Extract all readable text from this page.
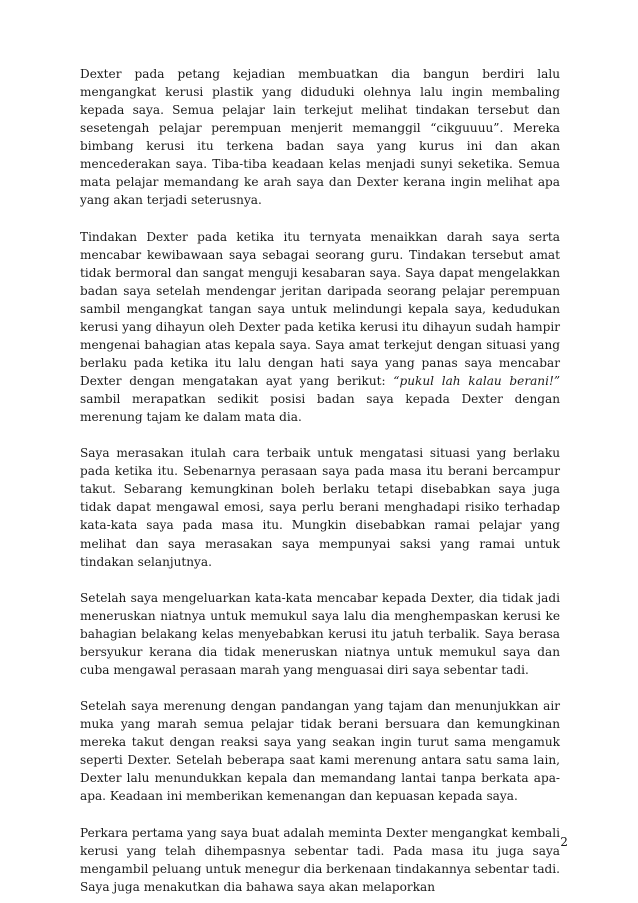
Dexter pada petang kejadian membuatkan dia bangun berdiri lalu mengangkat kerusi plastik yang diduduki olehnya lalu ingin membaling kepada saya. Semua pelajar lain terkejut melihat tindakan tersebut dan sesetengah pelajar perempuan menjerit memanggil “cikguuuu”. Mereka bimbang kerusi itu terkena badan saya yang kurus ini dan akan mencederakan saya. Tiba-tiba keadaan kelas menjadi sunyi seketika. Semua mata pelajar memandang ke arah saya dan Dexter kerana ingin melihat apa yang akan terjadi seterusnya.

Tindakan Dexter pada ketika itu ternyata menaikkan darah saya serta mencabar kewibawaan saya sebagai seorang guru. Tindakan tersebut amat tidak bermoral dan sangat menguji kesabaran saya. Saya dapat mengelakkan badan saya setelah mendengar jeritan daripada seorang pelajar perempuan sambil mengangkat tangan saya untuk melindungi kepala saya, kedudukan kerusi yang dihayun oleh Dexter pada ketika kerusi itu dihayun sudah hampir mengenai bahagian atas kepala saya. Saya amat terkejut dengan situasi yang berlaku pada ketika itu lalu dengan hati saya yang panas saya mencabar Dexter dengan mengatakan ayat yang berikut: “pukul lah kalau berani!” sambil merapatkan sedikit posisi badan saya kepada Dexter dengan merenung tajam ke dalam mata dia.

Saya merasakan itulah cara terbaik untuk mengatasi situasi yang berlaku pada ketika itu. Sebenarnya perasaan saya pada masa itu berani bercampur takut. Sebarang kemungkinan boleh berlaku tetapi disebabkan saya juga tidak dapat mengawal emosi, saya perlu berani menghadapi risiko terhadap kata-kata saya pada masa itu. Mungkin disebabkan ramai pelajar yang melihat dan saya merasakan saya mempunyai saksi yang ramai untuk tindakan selanjutnya.

Setelah saya mengeluarkan kata-kata mencabar kepada Dexter, dia tidak jadi meneruskan niatnya untuk memukul saya lalu dia menghempaskan kerusi ke bahagian belakang kelas menyebabkan kerusi itu jatuh terbalik. Saya berasa bersyukur kerana dia tidak meneruskan niatnya untuk memukul saya dan cuba mengawal perasaan marah yang menguasai diri saya sebentar tadi.

Setelah saya merenung dengan pandangan yang tajam dan menunjukkan air muka yang marah semua pelajar tidak berani bersuara dan kemungkinan mereka takut dengan reaksi saya yang seakan ingin turut sama mengamuk seperti Dexter. Setelah beberapa saat kami merenung antara satu sama lain, Dexter lalu menundukkan kepala dan memandang lantai tanpa berkata apa-apa. Keadaan ini memberikan kemenangan dan kepuasan kepada saya.

Perkara pertama yang saya buat adalah meminta Dexter mengangkat kembali kerusi yang telah dihempasnya sebentar tadi. Pada masa itu juga saya mengambil peluang untuk menegur dia berkenaan tindakannya sebentar tadi. Saya juga menakutkan dia bahawa saya akan melaporkan

2
